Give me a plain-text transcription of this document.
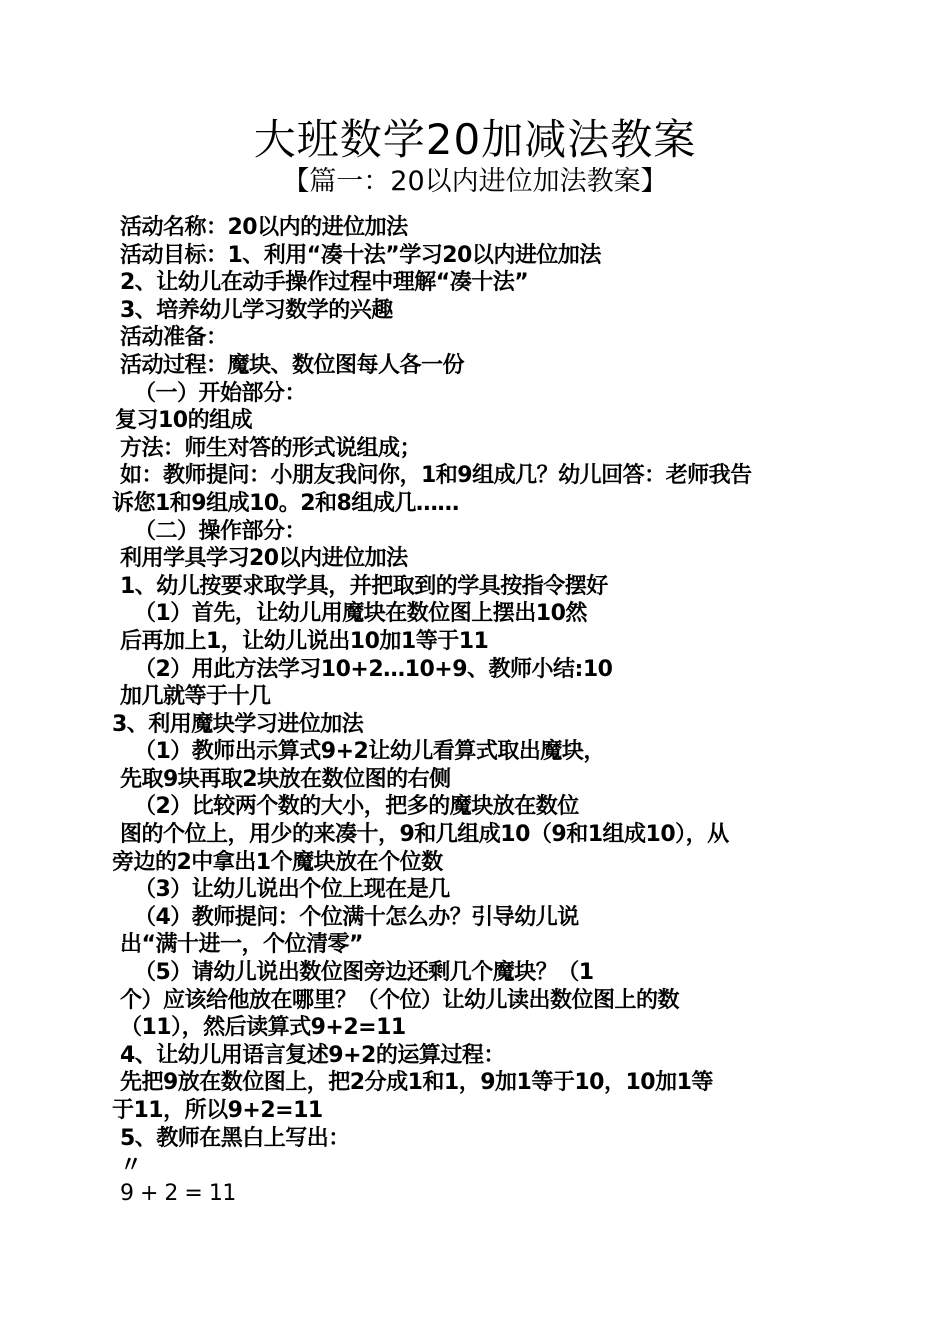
大班数学20加减法教案
【篇一：20以内进位加法教案】
活动名称：20以内的进位加法
活动目标：1、利用“凑十法”学习20以内进位加法
2、让幼儿在动手操作过程中理解“凑十法”
3、培养幼儿学习数学的兴趣
活动准备：
活动过程：魔块、数位图每人各一份
（一）开始部分：
复习10的组成
方法：师生对答的形式说组成；
如：教师提问：小朋友我问你，1和9组成几？幼儿回答：老师我告
诉您1和9组成10。2和8组成几……
（二）操作部分：
利用学具学习20以内进位加法
1、幼儿按要求取学具，并把取到的学具按指令摆好
（1）首先，让幼儿用魔块在数位图上摆出10然
后再加上1，让幼儿说出10加1等于11
（2）用此方法学习10+2…10+9、教师小结:10
加几就等于十几
3、利用魔块学习进位加法
（1）教师出示算式9+2让幼儿看算式取出魔块，
先取9块再取2块放在数位图的右侧
（2）比较两个数的大小，把多的魔块放在数位
图的个位上，用少的来凑十，9和几组成10（9和1组成10），从
旁边的2中拿出1个魔块放在个位数
（3）让幼儿说出个位上现在是几
（4）教师提问：个位满十怎么办？引导幼儿说
出“满十进一，个位清零”
（5）请幼儿说出数位图旁边还剩几个魔块？（1
个）应该给他放在哪里？（个位）让幼儿读出数位图上的数
（11），然后读算式9+2=11
4、让幼儿用语言复述9+2的运算过程：
先把9放在数位图上，把2分成1和1，9加1等于10，10加1等
于11，所以9+2=11
5、教师在黑白上写出：
〃
9 + 2 = 11
